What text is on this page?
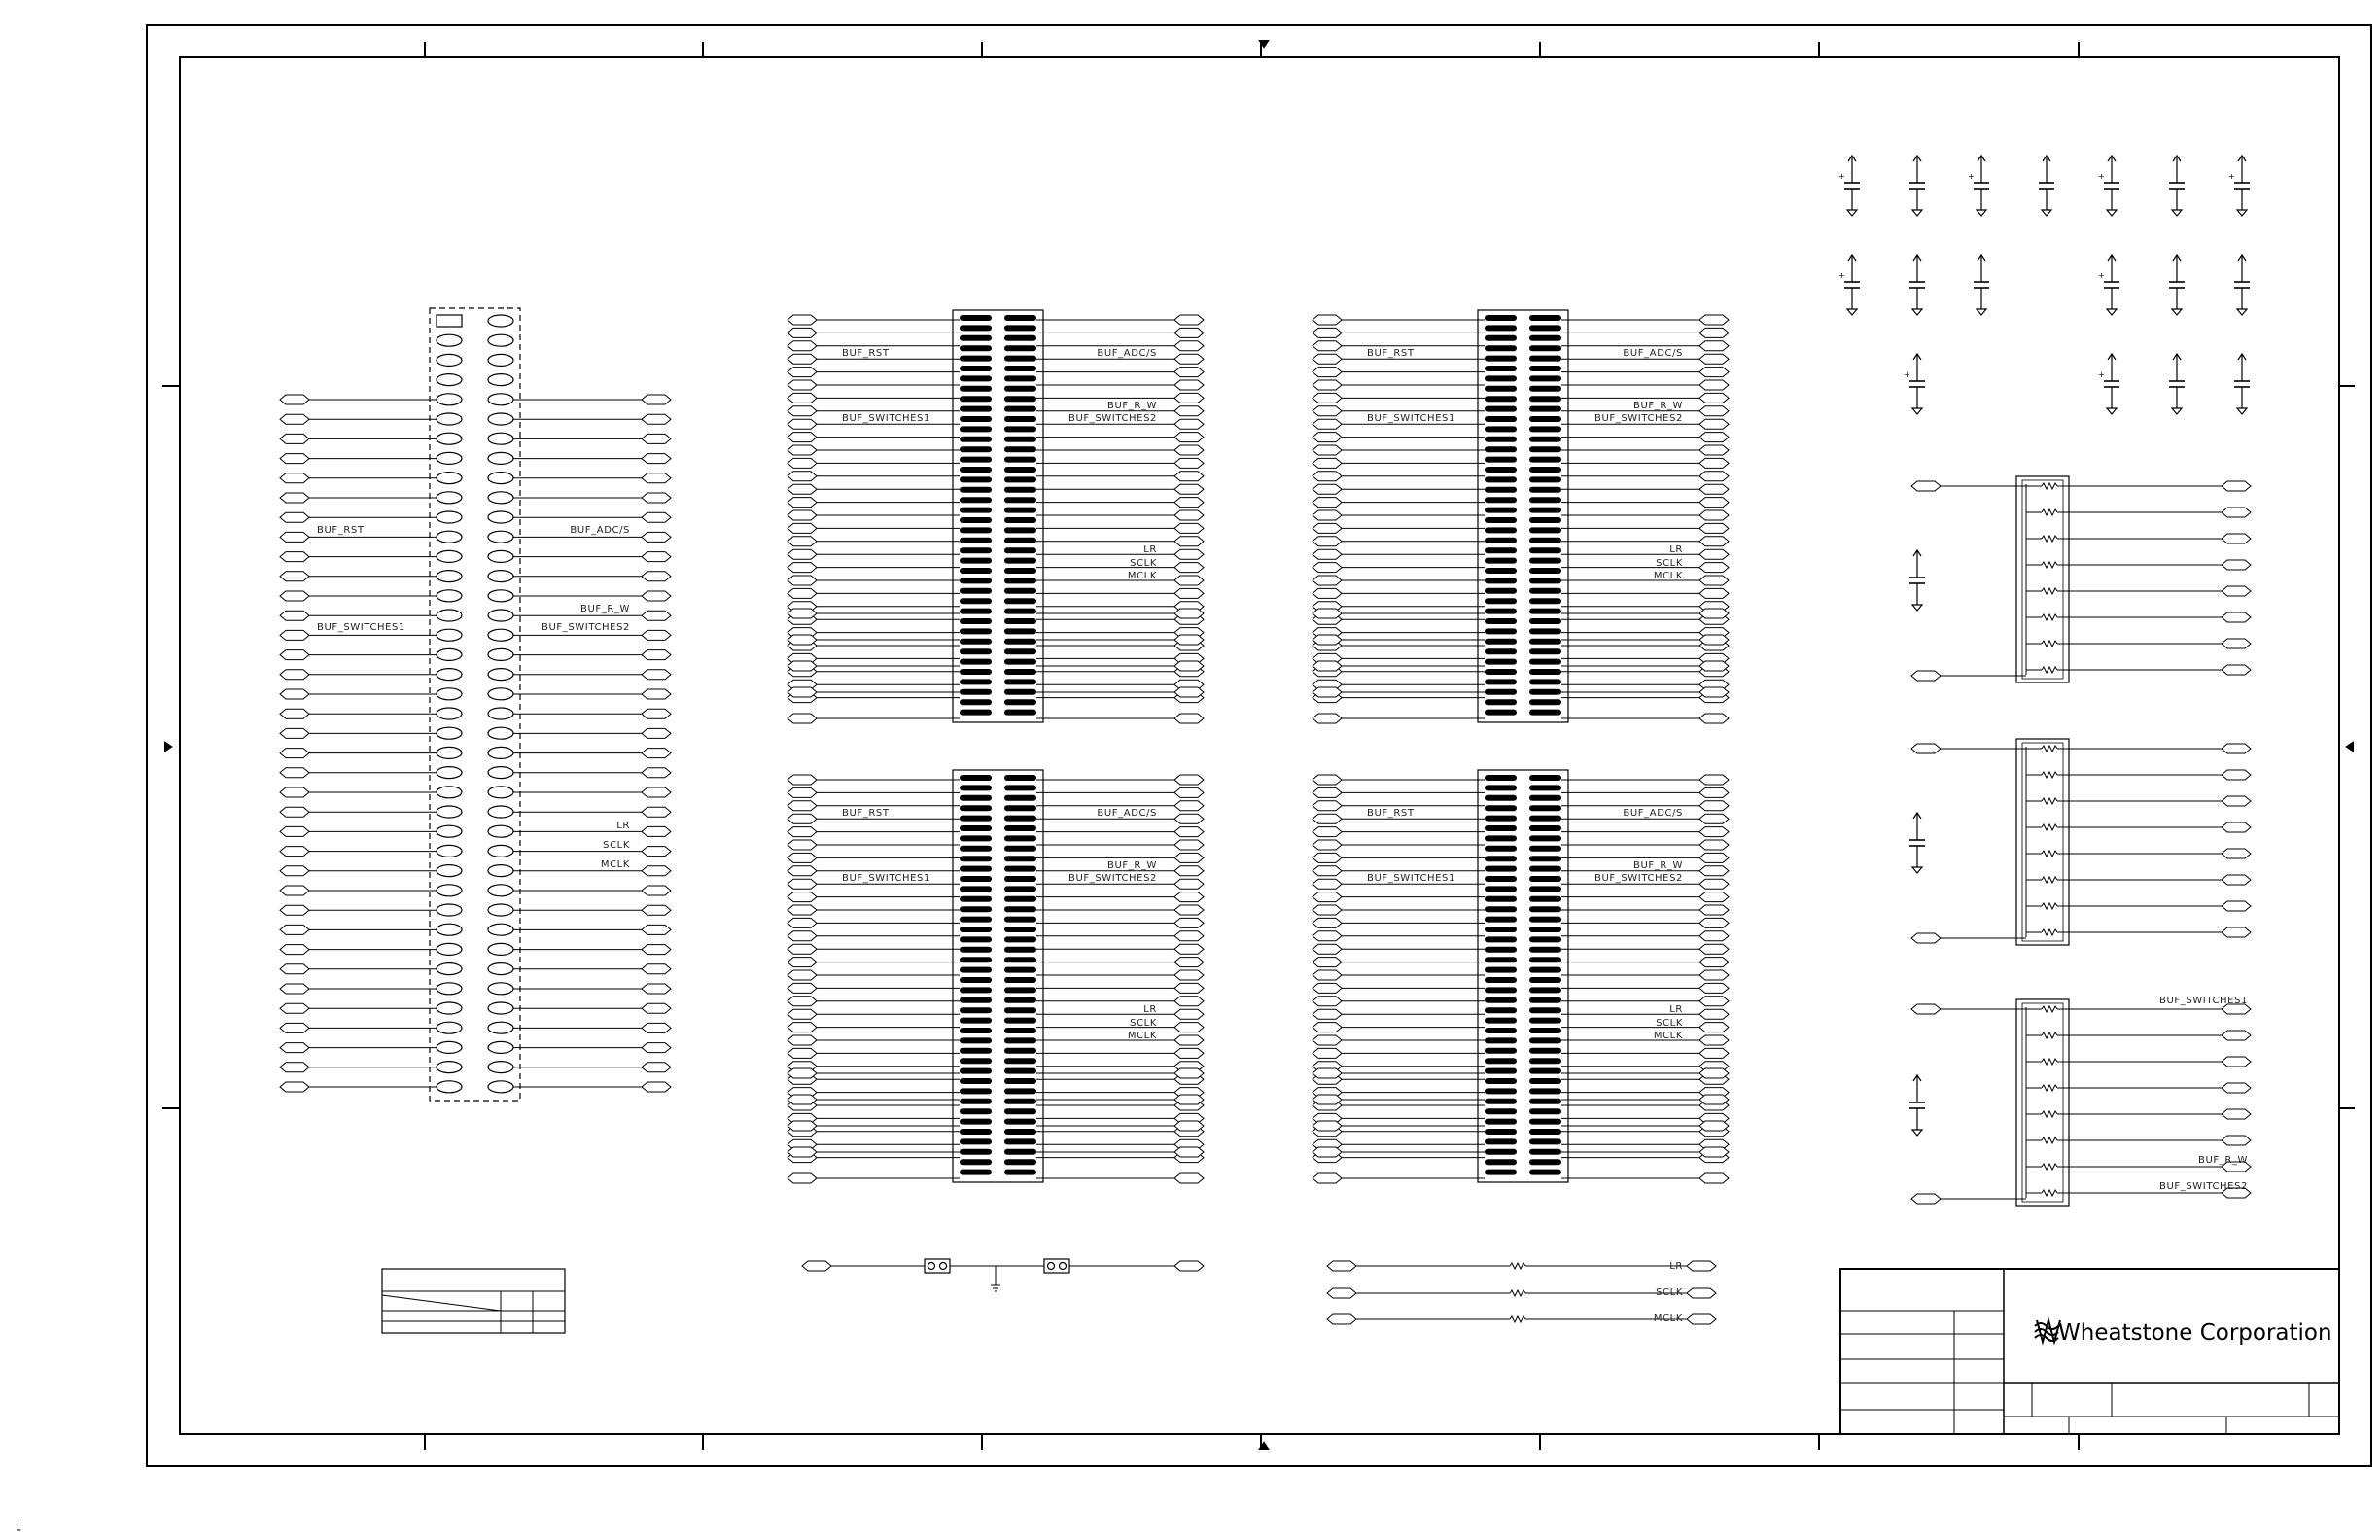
+	+	+	+
+	+
+	+
BUF_RST
BUF_SWITCHES1
BUF_ADC/S
BUF_R_W
BUF_SWITCHES2
LR
SCLK
MCLK
BUF_RST
BUF_SWITCHES1
BUF_ADC/S
BUF_R_W
BUF_SWITCHES2
LR
SCLK
MCLK
BUF_RST
BUF_SWITCHES1
BUF_ADC/S
BUF_R_W
BUF_SWITCHES2
LR
SCLK
MCLK
BUF_RST
BUF_SWITCHES1
BUF_ADC/S
BUF_R_W
BUF_SWITCHES2
LR
SCLK
MCLK
BUF_RST
BUF_SWITCHES1
BUF_ADC/S
BUF_R_W
BUF_SWITCHES2
LR
SCLK
MCLK
LR
SCLK
MCLK
BUF_SWITCHES1
BUF_R_W
BUF_SWITCHES2
Wheatstone Corporation
└
